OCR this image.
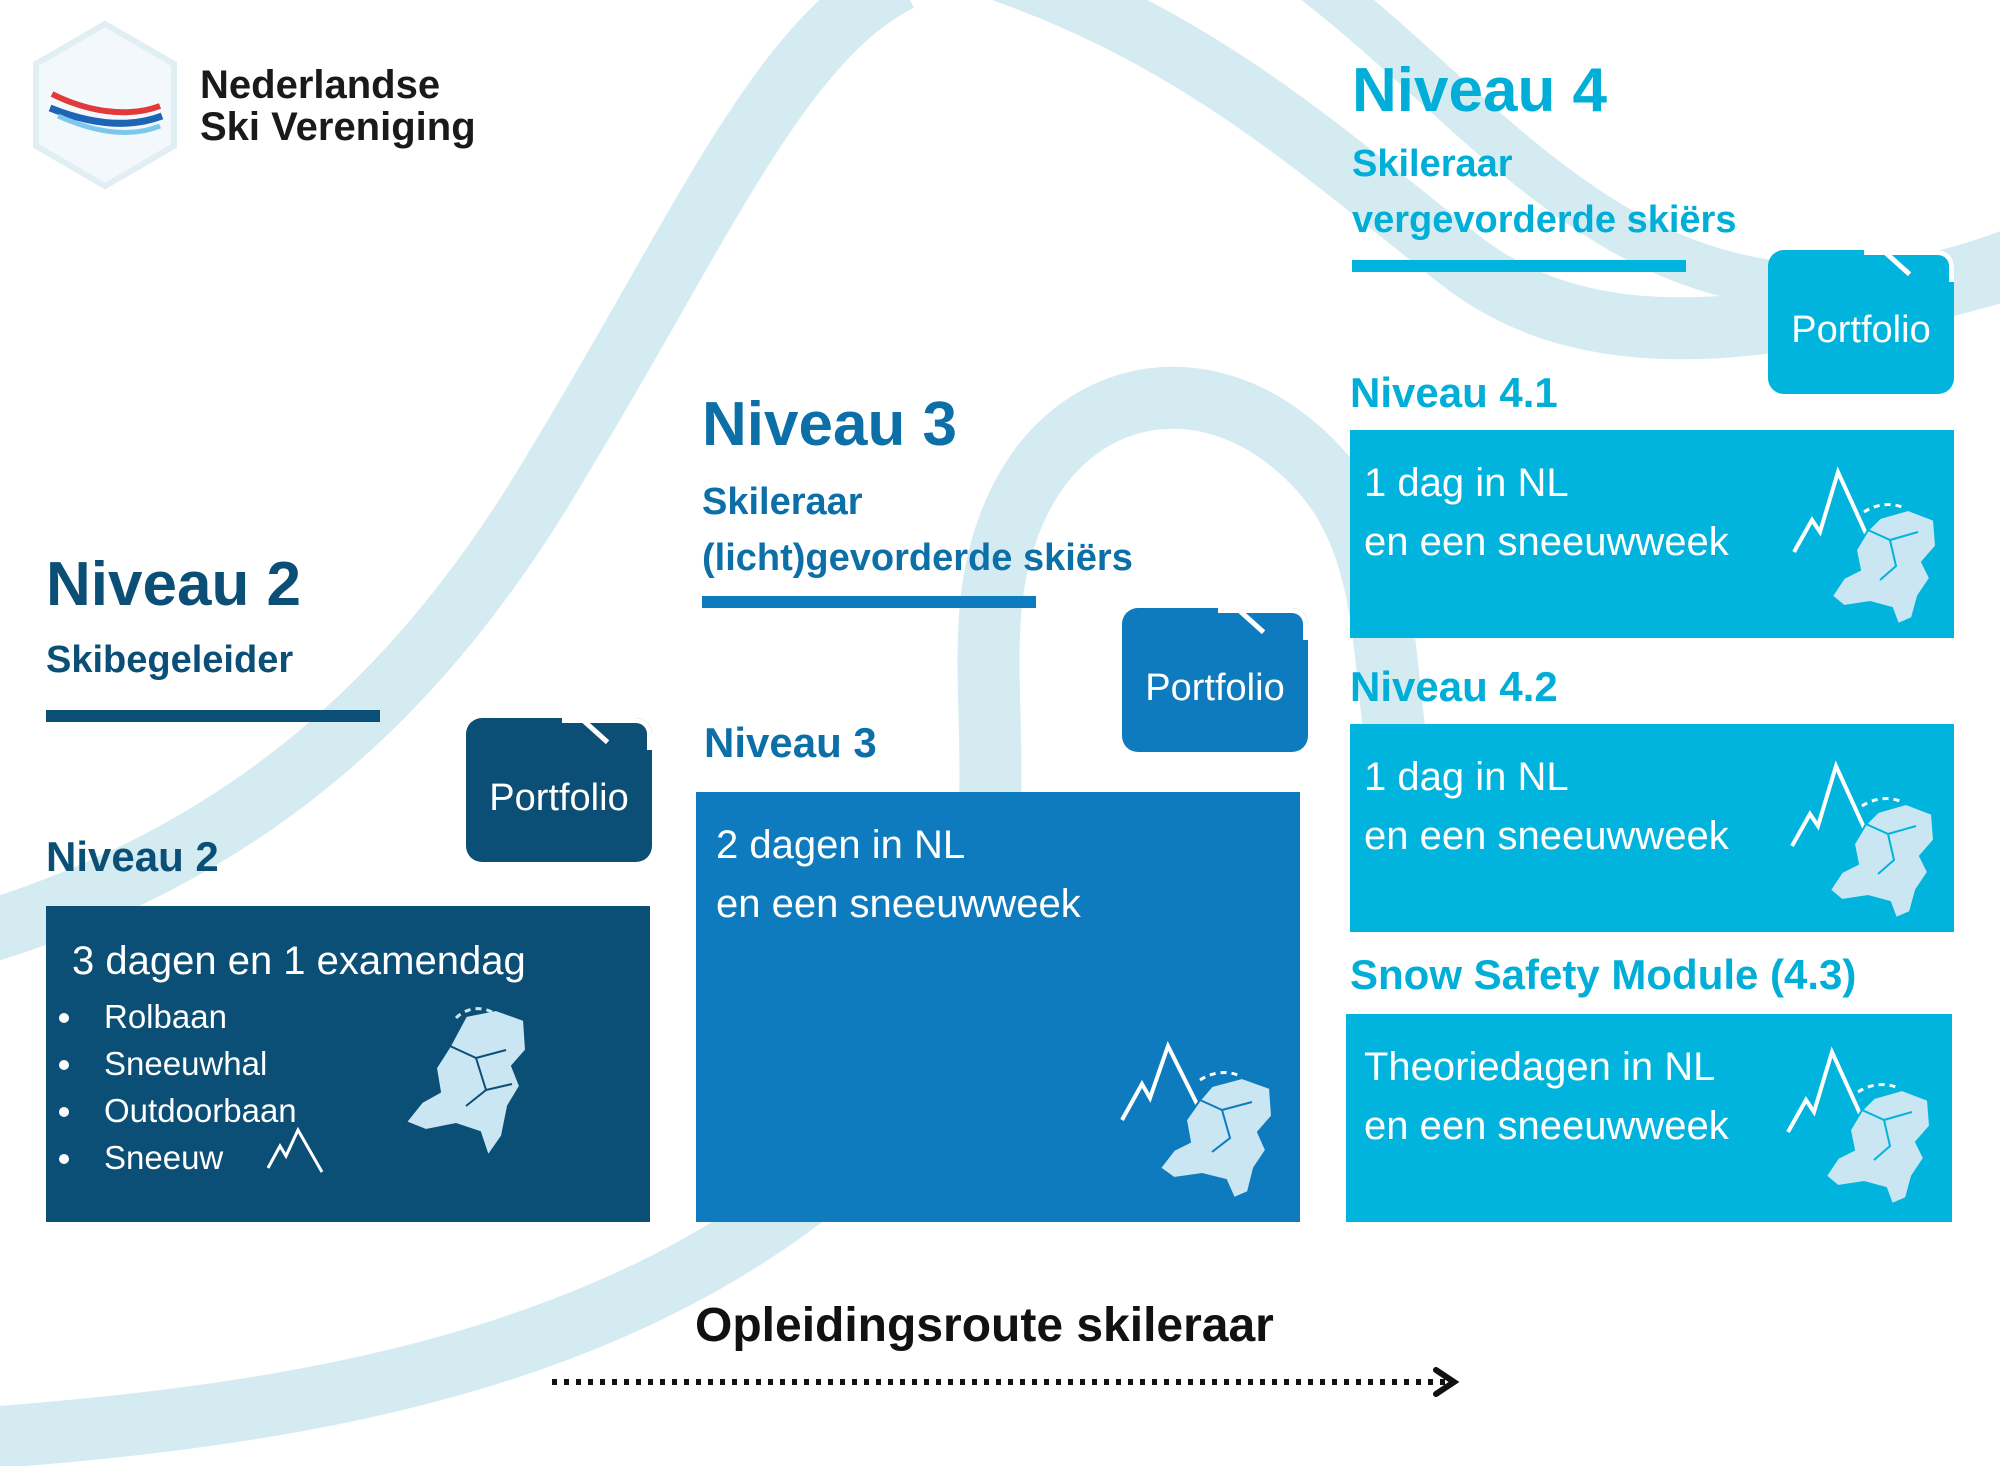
Nederlandse
Ski Vereniging
Niveau 2
Skibegeleider
Portfolio
Niveau 2
3 dagen en 1 examendag
• Rolbaan
• Sneeuwhal
• Outdoorbaan
• Sneeuw
Niveau 3
Skileraar
(licht)gevorderde skiërs
Portfolio
Niveau 3
2 dagen in NL
en een sneeuwweek
Niveau 4
Skileraar
vergevorderde skiërs
Portfolio
Niveau 4.1
1 dag in NL
en een sneeuwweek
Niveau 4.2
1 dag in NL
en een sneeuwweek
Snow Safety Module (4.3)
Theoriedagen in NL
en een sneeuwweek
Opleidingsroute skileraar
